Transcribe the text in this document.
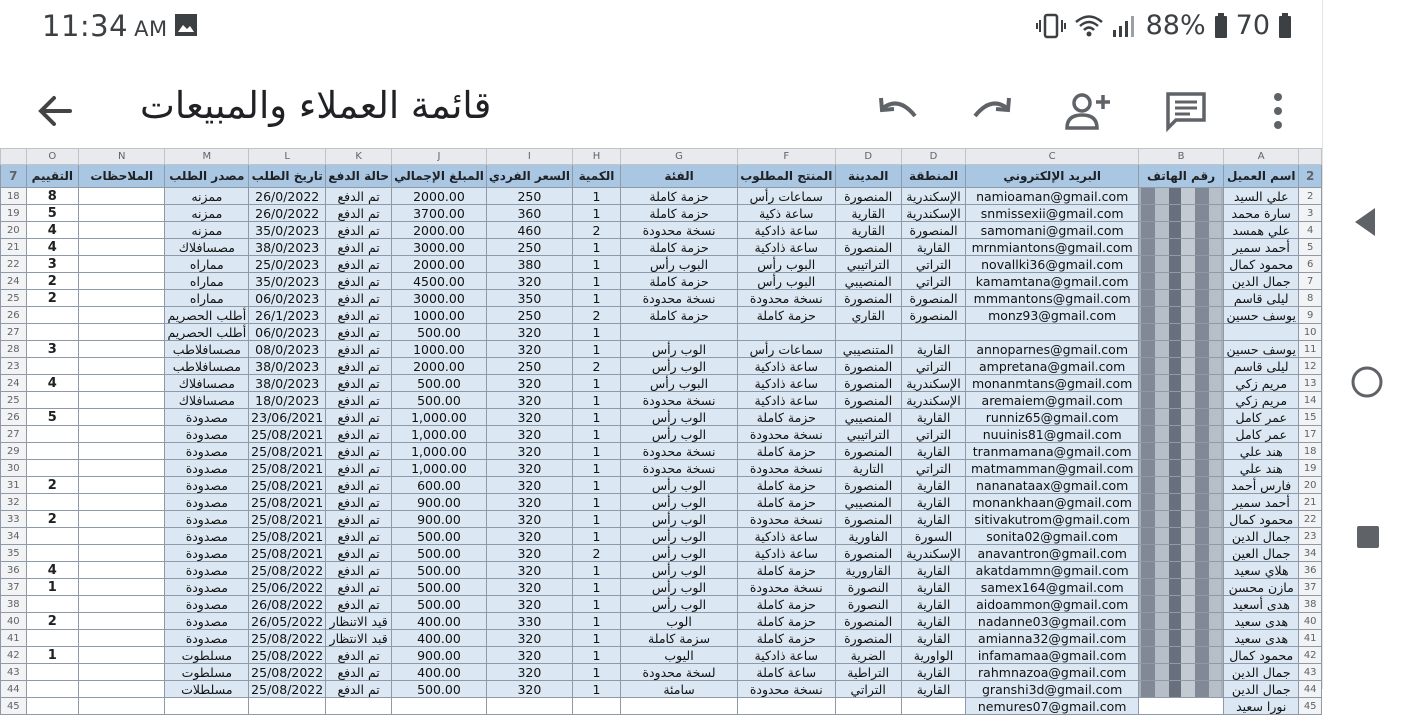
11:34 AM	88% 70
قائمة العملاء والمبيعات
	O	N	M	L	K	J	I	H	G	F	D	D	C	B	A	
7	التقييم	الملاحظات	مصدر الطلب	تاريخ الطلب	حالة الدفع	المبلغ الإجمالي	السعر الفردي	الكمية	الفئة	المنتج المطلوب	المدينة	المنطقة	البريد الإلكتروني	رقم الهاتف	اسم العميل	2
18	8		ممزنه	26/0/2022	تم الدفع	2000.00	250	1	حزمة كاملة	سماعات رأس	المنصورة	الإسكندرية	namioaman@gmail.com		علي السيد	2
19	5		ممزنه	26/0/2022	تم الدفع	3700.00	360	1	حزمة كاملة	ساعة ذكية	القارية	الإسكندرية	snmissexii@gmail.com		سارة محمد	3
20	4		ممزنه	35/0/2023	تم الدفع	2000.00	460	2	نسخة محدودة	ساعة ذادكية	القارية	المنصورة	samomani@gmail.com		علي همسد	4
21	4		مصسافلاك	38/0/2023	تم الدفع	3000.00	250	1	حزمة كاملة	ساعة ذادكية	المنصورة	القارية	mrnmiantons@gmail.com		أحمد سمير	5
22	3		مماراه	25/0/2023	تم الدفع	2000.00	380	1	البوب رأس	البوب رأس	التراتيبي	التراتي	novallki36@gmail.com		محمود كمال	6
24	2		مماراه	35/0/2023	تم الدفع	4500.00	320	1	حزمة كاملة	البوب رأس	المنصيبي	التراتي	kamamtana@gmail.com		جمال الدين	7
25	2		مماراه	06/0/2023	تم الدفع	3000.00	350	1	نسخة محدودة	نسخة محدودة	المنصورة	المنصورة	mmmantons@gmail.com		ليلى قاسم	8
26			أطلب الحصريم	26/1/2023	تم الدفع	1000.00	250	2	حزمة كاملة	حزمة كاملة	القاري	المنصورة	monz93@gmail.com		يوسف حسين	9
27			أطلب الحصريم	06/0/2023	تم الدفع	500.00	320	1								10
28	3		مصسافلاطب	08/0/2023	تم الدفع	1000.00	320	1	الوب رأس	سماعات رأس	المتنصيبي	القارية	annoparnes@gmail.com		يوسف حسين	11
23			مصسافلاطب	38/0/2023	تم الدفع	2000.00	250	2	الوب رأس	ساعة ذادكية	المنصورة	التراتي	ampretana@gmail.com		ليلى قاسم	12
24	4		مصسافلاك	38/0/2023	تم الدفع	500.00	320	1	البوب رأس	ساعة ذادكية	المنصورة	الإسكندرية	monanmtans@gmail.com		مريم زكي	13
25			مصسافلاك	18/0/2023	تم الدفع	500.00	320	1	نسخة محدودة	ساعة ذادكية	المنصورة	الإسكندرية	aremaiem@gmail.com		مريم زكي	14
26	5		مصدودة	23/06/2021	تم الدفع	1,000.00	320	1	الوب رأس	حزمة كاملة	المنصيبي	القارية	runniz65@gmail.com		عمر كامل	15
27			مصدودة	25/08/2021	تم الدفع	1,000.00	320	1	الوب رأس	نسخة محدودة	التراتيبي	التراتي	nuuinis81@gmail.com		عمر كامل	17
29			مصدودة	25/08/2021	تم الدفع	1,000.00	320	1	نسخة محدودة	حزمة كاملة	المنصورة	القارية	tranmamana@gmail.com		هند علي	18
30			مصدودة	25/08/2021	تم الدفع	1,000.00	320	1	نسخة محدودة	نسخة محدودة	التارية	التراتي	matmamman@gmail.com		هند علي	19
31	2		مصدودة	25/08/2021	تم الدفع	600.00	320	1	الوب رأس	حزمة كاملة	المنصورة	القارية	nananataax@gmail.com		فارس أحمد	20
32			مصدودة	25/08/2021	تم الدفع	900.00	320	1	الوب رأس	حزمة كاملة	المنصيبي	القارية	monankhaan@gmail.com		أحمد سمير	21
33	2		مصدودة	25/08/2021	تم الدفع	900.00	320	1	الوب رأس	نسخة محدودة	المنصورة	القارية	sitivakutrom@gmail.com		محمود كمال	22
34			مصدودة	25/08/2021	تم الدفع	500.00	320	1	الوب رأس	ساعة ذادكية	الفاورية	السورة	sonita02@gmail.com		جمال الدين	23
35			مصدودة	25/08/2021	تم الدفع	500.00	320	2	الوب رأس	ساعة ذادكية	المنصورة	الإسكندرية	anavantron@gmail.com		جمال العين	34
36	4		مصدودة	25/08/2022	تم الدفع	500.00	320	1	الوب رأس	حزمة كاملة	القارورية	القارية	akatdammn@gmail.com		هلاي سعيد	36
37	1		مصدودة	25/06/2022	تم الدفع	500.00	320	1	الوب رأس	نسخة محدودة	النصورة	القارية	samex164@gmail.com		مازن محسن	37
38			مصدودة	26/08/2022	تم الدفع	500.00	320	1	الوب رأس	حزمة كاملة	النصورة	القارية	aidoammon@gmail.com		هدى أسعيد	38
40	2		مصدودة	26/05/2022	قيد الاتنظار	400.00	330	1	الوب	حزمة كاملة	المنصورة	القارية	nadanne03@gmail.com		هدى سعيد	40
41			مصدودة	25/08/2022	قبد الانتظار	400.00	320	1	سزمة كاملة	حزمة كاملة	المنصورة	القارية	amianna32@gmail.com		هدى سعيد	41
42	1		مسلطوت	25/08/2022	تم الدفع	900.00	320	1	اليوب	ساعة ذادكية	الضرية	الواورية	infamamaa@gmail.com		محمود كمال	42
43			مسلطوت	25/08/2022	تم الدفع	400.00	320	1	لسخة محدودة	ساعة كاملة	التراطية	القارية	rahmnazoa@gmail.com		جمال الدين	43
44			مسلطلات	25/08/2022	تم الدفع	500.00	320	1	سامئة	نسخة محدودة	التراتي	القارية	granshi3d@gmail.com		جمال الدين	44
45													nemures07@gmail.com		نورا سعيد	45
